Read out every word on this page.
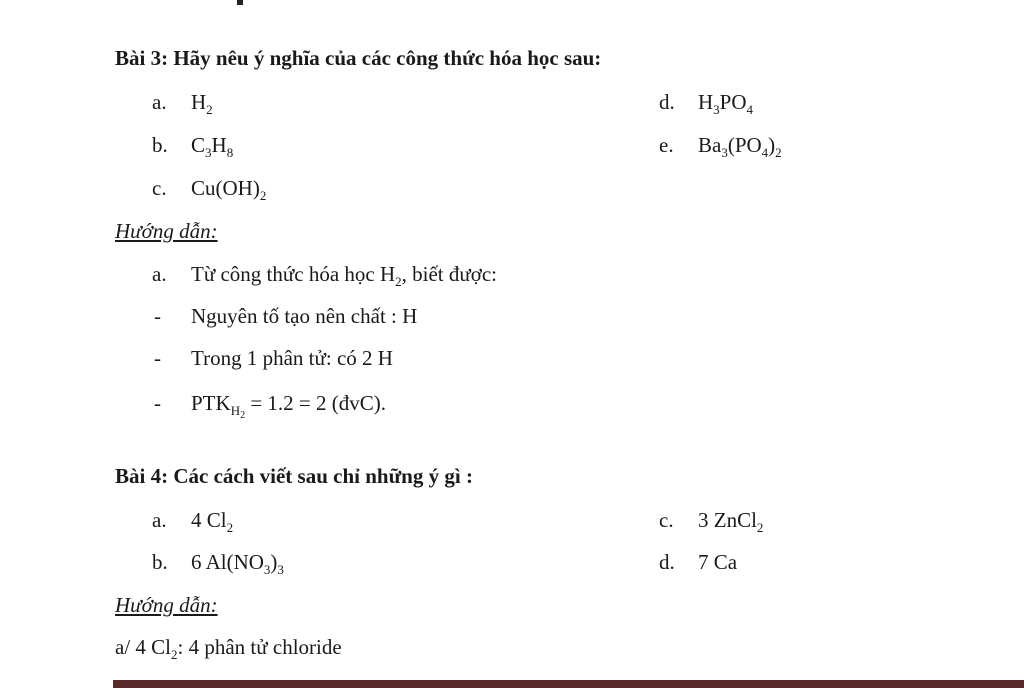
Bài 3: Hãy nêu ý nghĩa của các công thức hóa học sau:
a. $H_2$	d. $H_3PO_4$
b. $C_3H_8$	e. $Ba_3(PO_4)_2$
c. $Cu(OH)_2$
Hướng dẫn:
a. Từ công thức hóa học $H_2$, biết được:
- Nguyên tố tạo nên chất : H
- Trong 1 phân tử: có 2 H
- $PTK_{H_2} = 1.2 = 2$ (đvC).
Bài 4: Các cách viết sau chỉ những ý gì :
a. 4 $Cl_2$	c. 3 ZnCl$_2$
b. 6 $Al(NO_3)_3$	d. 7 Ca
Hướng dẫn:
a/ 4 $Cl_2$: 4 phân tử chloride
